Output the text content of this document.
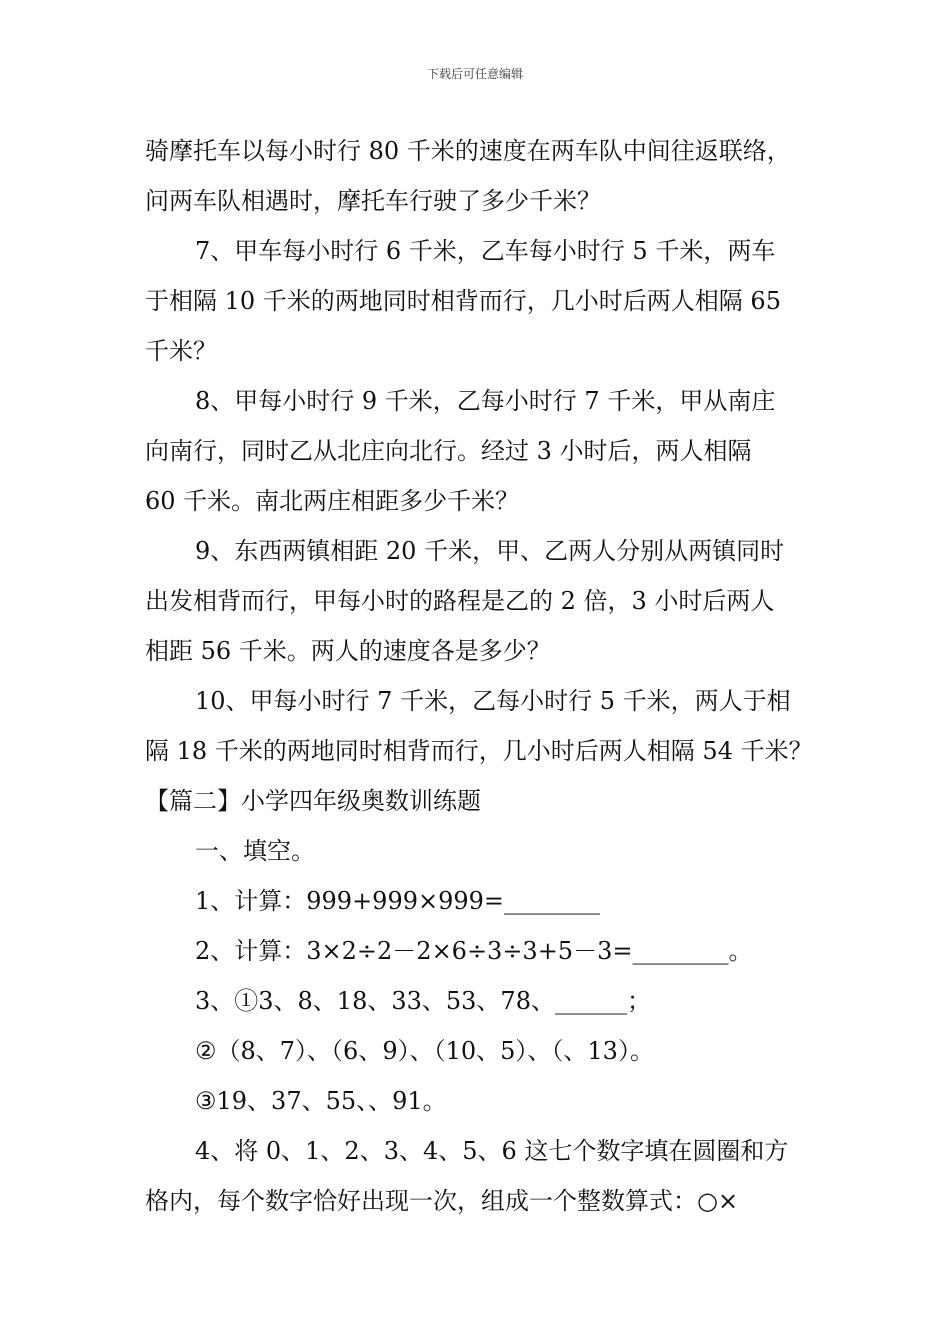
下载后可任意编辑
骑摩托车以每小时行 80 千米的速度在两车队中间往返联络，
问两车队相遇时，摩托车行驶了多少千米？
7、甲车每小时行 6 千米，乙车每小时行 5 千米，两车
于相隔 10 千米的两地同时相背而行，几小时后两人相隔 65
千米？
8、甲每小时行 9 千米，乙每小时行 7 千米，甲从南庄
向南行，同时乙从北庄向北行。经过 3 小时后，两人相隔
60 千米。南北两庄相距多少千米？
9、东西两镇相距 20 千米，甲、乙两人分别从两镇同时
出发相背而行，甲每小时的路程是乙的 2 倍，3 小时后两人
相距 56 千米。两人的速度各是多少？
10、甲每小时行 7 千米，乙每小时行 5 千米，两人于相
隔 18 千米的两地同时相背而行，几小时后两人相隔 54 千米？
【篇二】小学四年级奥数训练题
一、填空。
1、计算：999+999×999=________
2、计算：3×2÷2－2×6÷3÷3+5－3=________。
3、①3、8、18、33、53、78、______；
②（8、7）、（6、9）、（10、5）、（、13）。
③19、37、55、、91。
4、将 0、1、2、3、4、5、6 这七个数字填在圆圈和方
格内，每个数字恰好出现一次，组成一个整数算式：○×
